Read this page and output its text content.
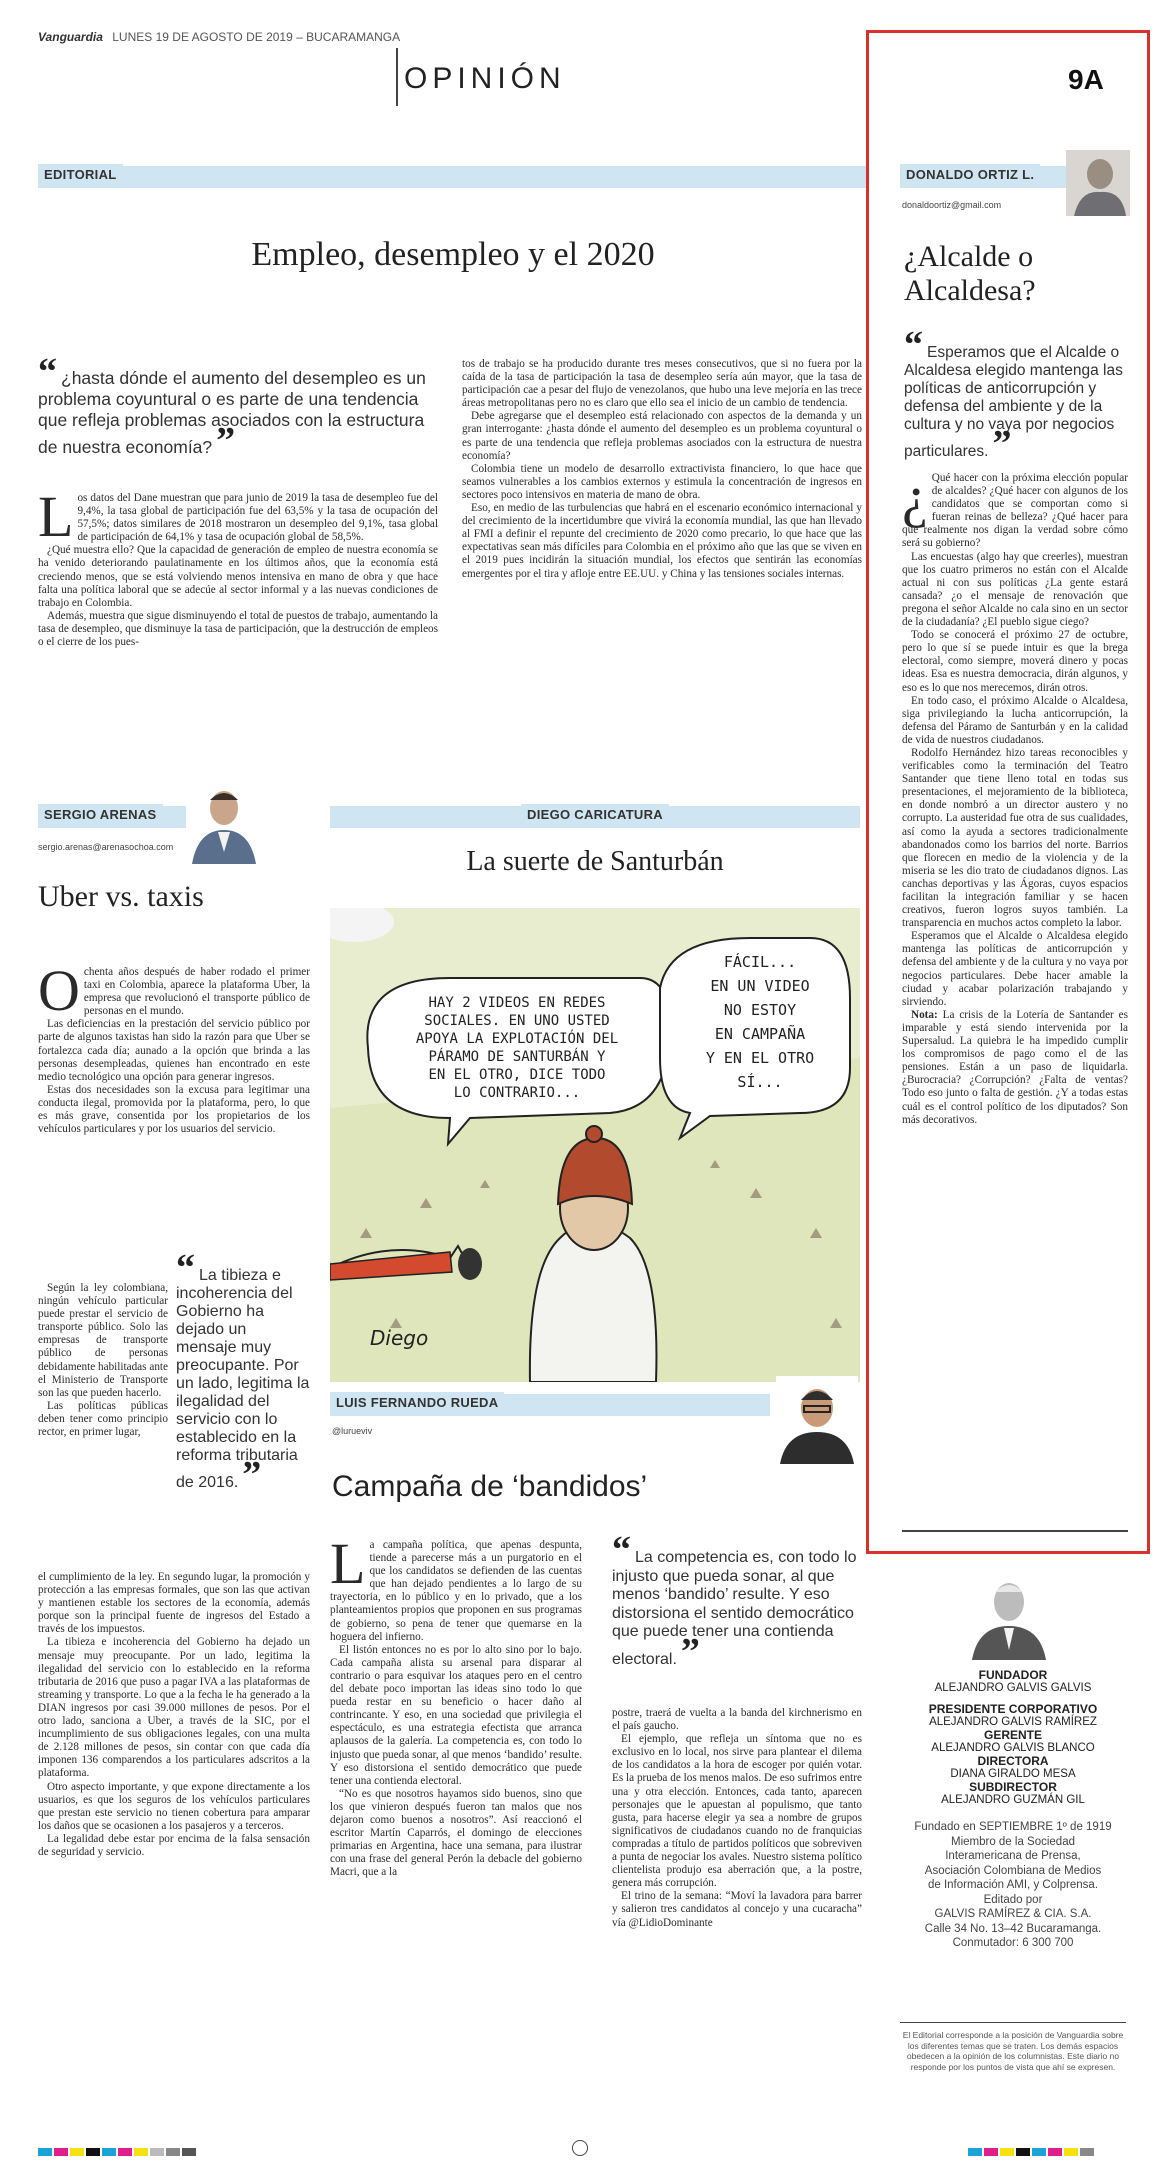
Vanguardia LUNES 19 DE AGOSTO DE 2019 – BUCARAMANGA
OPINIÓN	9A
EDITORIAL
Empleo, desempleo y el 2020
“ ¿hasta dónde el aumento del desempleo es un problema coyuntural o es parte de una tendencia que refleja problemas asociados con la estructura de nuestra economía? ”

Los datos del Dane muestran que para junio de 2019 la tasa de desempleo fue del 9,4%, la tasa global de participación fue del 63,5% y la tasa de ocupación del 57,5%; datos similares de 2018 mostraron un desempleo del 9,1%, tasa global de participación de 64,1% y tasa de ocupación global de 58,5%.

¿Qué muestra ello? Que la capacidad de generación de empleo de nuestra economía se ha venido deteriorando paulatinamente en los últimos años, que la economía está creciendo menos, que se está volviendo menos intensiva en mano de obra y que hace falta una política laboral que se adecúe al sector informal y a las nuevas condiciones de trabajo en Colombia.

Además, muestra que sigue disminuyendo el total de puestos de trabajo, aumentando la tasa de desempleo, que disminuye la tasa de participación, que la destrucción de empleos o el cierre de los pues-

tos de trabajo se ha producido durante tres meses consecutivos, que si no fuera por la caída de la tasa de participación la tasa de desempleo sería aún mayor, que la tasa de participación cae a pesar del flujo de venezolanos, que hubo una leve mejoría en las trece áreas metropolitanas pero no es claro que ello sea el inicio de un cambio de tendencia.

Debe agregarse que el desempleo está relacionado con aspectos de la demanda y un gran interrogante: ¿hasta dónde el aumento del desempleo es un problema coyuntural o es parte de una tendencia que refleja problemas asociados con la estructura de nuestra economía?

Colombia tiene un modelo de desarrollo extractivista financiero, lo que hace que seamos vulnerables a los cambios externos y estimula la concentración de ingresos en sectores poco intensivos en materia de mano de obra.

Eso, en medio de las turbulencias que habrá en el escenario económico internacional y del crecimiento de la incertidumbre que vivirá la economía mundial, las que han llevado al FMI a definir el repunte del crecimiento de 2020 como precario, lo que hace que las expectativas sean más difíciles para Colombia en el próximo año que las que se viven en el 2019 pues incidirán la situación mundial, los efectos que sentirán las economías emergentes por el tira y afloje entre EE.UU. y China y las tensiones sociales internas.

DONALDO ORTIZ L.
donaldoortiz@gmail.com
¿Alcalde o Alcaldesa?
“ Esperamos que el Alcalde o Alcaldesa elegido mantenga las políticas de anticorrupción y defensa del ambiente y de la cultura y no vaya por negocios particulares. ”

¿ Qué hacer con la próxima elección popular de alcaldes? ¿Qué hacer con algunos de los candidatos que se comportan como si fueran reinas de belleza? ¿Qué hacer para que realmente nos digan la verdad sobre cómo será su gobierno?

Las encuestas (algo hay que creerles), muestran que los cuatro primeros no están con el Alcalde actual ni con sus políticas ¿La gente estará cansada? ¿o el mensaje de renovación que pregona el señor Alcalde no cala sino en un sector de la ciudadanía? ¿El pueblo sigue ciego?

Todo se conocerá el próximo 27 de octubre, pero lo que sí se puede intuir es que la brega electoral, como siempre, moverá dinero y pocas ideas. Esa es nuestra democracia, dirán algunos, y eso es lo que nos merecemos, dirán otros.

En todo caso, el próximo Alcalde o Alcaldesa, siga privilegiando la lucha anticorrupción, la defensa del Páramo de Santurbán y en la calidad de vida de nuestros ciudadanos.

Rodolfo Hernández hizo tareas reconocibles y verificables como la terminación del Teatro Santander que tiene lleno total en todas sus presentaciones, el mejoramiento de la biblioteca, en donde nombró a un director austero y no corrupto. La austeridad fue otra de sus cualidades, así como la ayuda a sectores tradicionalmente abandonados como los barrios del norte. Barrios que florecen en medio de la violencia y de la miseria se les dio trato de ciudadanos dignos. Las canchas deportivas y las Ágoras, cuyos espacios facilitan la integración familiar y se hacen creativos, fueron logros suyos también. La transparencia en muchos actos completo la labor.

Esperamos que el Alcalde o Alcaldesa elegido mantenga las políticas de anticorrupción y defensa del ambiente y de la cultura y no vaya por negocios particulares. Debe hacer amable la ciudad y acabar polarización trabajando y sirviendo.

Nota: La crisis de la Lotería de Santander es imparable y está siendo intervenida por la Supersalud. La quiebra le ha impedido cumplir los compromisos de pago como el de las pensiones. Están a un paso de liquidarla. ¿Burocracia? ¿Corrupción? ¿Falta de ventas? Todo eso junto o falta de gestión. ¿Y a todas estas cuál es el control político de los diputados? Son más decorativos.

SERGIO ARENAS
sergio.arenas@arenasochoa.com
Uber vs. taxis

Ochenta años después de haber rodado el primer taxi en Colombia, aparece la plataforma Uber, la empresa que revolucionó el transporte público de personas en el mundo.

Las deficiencias en la prestación del servicio público por parte de algunos taxistas han sido la razón para que Uber se fortalezca cada día; aunado a la opción que brinda a las personas desempleadas, quienes han encontrado en este medio tecnológico una opción para generar ingresos.

Estas dos necesidades son la excusa para legitimar una conducta ilegal, promovida por la plataforma, pero, lo que es más grave, consentida por los propietarios de los vehículos particulares y por los usuarios del servicio.

Según la ley colombiana, ningún vehículo particular puede prestar el servicio de transporte público. Solo las empresas de transporte público de personas debidamente habilitadas ante el Ministerio de Transporte son las que pueden hacerlo.

Las políticas públicas deben tener como principio rector, en primer lugar,

“ La tibieza e incoherencia del Gobierno ha dejado un mensaje muy preocupante. Por un lado, legitima la ilegalidad del servicio con lo establecido en la reforma tributaria de 2016. ”

el cumplimiento de la ley. En segundo lugar, la promoción y protección a las empresas formales, que son las que activan y mantienen estable los sectores de la economía, además porque son la principal fuente de ingresos del Estado a través de los impuestos.

La tibieza e incoherencia del Gobierno ha dejado un mensaje muy preocupante. Por un lado, legitima la ilegalidad del servicio con lo establecido en la reforma tributaria de 2016 que puso a pagar IVA a las plataformas de streaming y transporte. Lo que a la fecha le ha generado a la DIAN ingresos por casi 39.000 millones de pesos. Por el otro lado, sanciona a Uber, a través de la SIC, por el incumplimiento de sus obligaciones legales, con una multa de 2.128 millones de pesos, sin contar con que cada día imponen 136 comparendos a los particulares adscritos a la plataforma.

Otro aspecto importante, y que expone directamente a los usuarios, es que los seguros de los vehículos particulares que prestan este servicio no tienen cobertura para amparar los daños que se ocasionen a los pasajeros y a terceros.

La legalidad debe estar por encima de la falsa sensación de seguridad y servicio.

DIEGO CARICATURA
La suerte de Santurbán
HAY 2 VIDEOS EN REDES
SOCIALES. EN UNO USTED
APOYA LA EXPLOTACIÓN DEL
PÁRAMO DE SANTURBÁN Y
EN EL OTRO, DICE TODO
LO CONTRARIO...
FÁCIL...
EN UN VIDEO
NO ESTOY
EN CAMPAÑA
Y EN EL OTRO
SÍ...
Diego
LUIS FERNANDO RUEDA
@lurueviv
Campaña de ‘bandidos’

La campaña política, que apenas despunta, tiende a parecerse más a un purgatorio en el que los candidatos se defienden de las cuentas que han dejado pendientes a lo largo de su trayectoria, en lo público y en lo privado, que a los planteamientos propios que proponen en sus programas de gobierno, so pena de tener que quemarse en la hoguera del infierno.

El listón entonces no es por lo alto sino por lo bajo. Cada campaña alista su arsenal para disparar al contrario o para esquivar los ataques pero en el centro del debate poco importan las ideas sino todo lo que pueda restar en su beneficio o hacer daño al contrincante. Y eso, en una sociedad que privilegia el espectáculo, es una estrategia efectista que arranca aplausos de la galería. La competencia es, con todo lo injusto que pueda sonar, al que menos ‘bandido’ resulte. Y eso distorsiona el sentido democrático que puede tener una contienda electoral.

“No es que nosotros hayamos sido buenos, sino que los que vinieron después fueron tan malos que nos dejaron como buenos a nosotros”. Así reaccionó el escritor Martín Caparrós, el domingo de elecciones primarias en Argentina, hace una semana, para ilustrar con una frase del general Perón la debacle del gobierno Macri, que a la

“ La competencia es, con todo lo injusto que pueda sonar, al que menos ‘bandido’ resulte. Y eso distorsiona el sentido democrático que puede tener una contienda electoral. ”

postre, traerá de vuelta a la banda del kirchnerismo en el país gaucho.

El ejemplo, que refleja un síntoma que no es exclusivo en lo local, nos sirve para plantear el dilema de los candidatos a la hora de escoger por quién votar. Es la prueba de los menos malos. De eso sufrimos entre una y otra elección. Entonces, cada tanto, aparecen personajes que le apuestan al populismo, que tanto gusta, para hacerse elegir ya sea a nombre de grupos significativos de ciudadanos cuando no de franquicias compradas a título de partidos políticos que sobreviven a punta de negociar los avales. Nuestro sistema político clientelista produjo esa aberración que, a la postre, genera más corrupción.

El trino de la semana: “Moví la lavadora para barrer y salieron tres candidatos al concejo y una cucaracha” vía @LidioDominante

FUNDADOR
ALEJANDRO GALVIS GALVIS
PRESIDENTE CORPORATIVO
ALEJANDRO GALVIS RAMÍREZ
GERENTE
ALEJANDRO GALVIS BLANCO
DIRECTORA
DIANA GIRALDO MESA
SUBDIRECTOR
ALEJANDRO GUZMÁN GIL
Fundado en SEPTIEMBRE 1º de 1919
Miembro de la Sociedad
Interamericana de Prensa,
Asociación Colombiana de Medios
de Información AMI, y Colprensa.
Editado por
GALVIS RAMÍREZ & CIA. S.A.
Calle 34 No. 13–42 Bucaramanga.
Conmutador: 6 300 700
El Editorial corresponde a la posición de Vanguardia sobre los diferentes temas que se traten. Los demás espacios obedecen a la opinión de los columnistas. Este diario no responde por los puntos de vista que ahí se expresen.
